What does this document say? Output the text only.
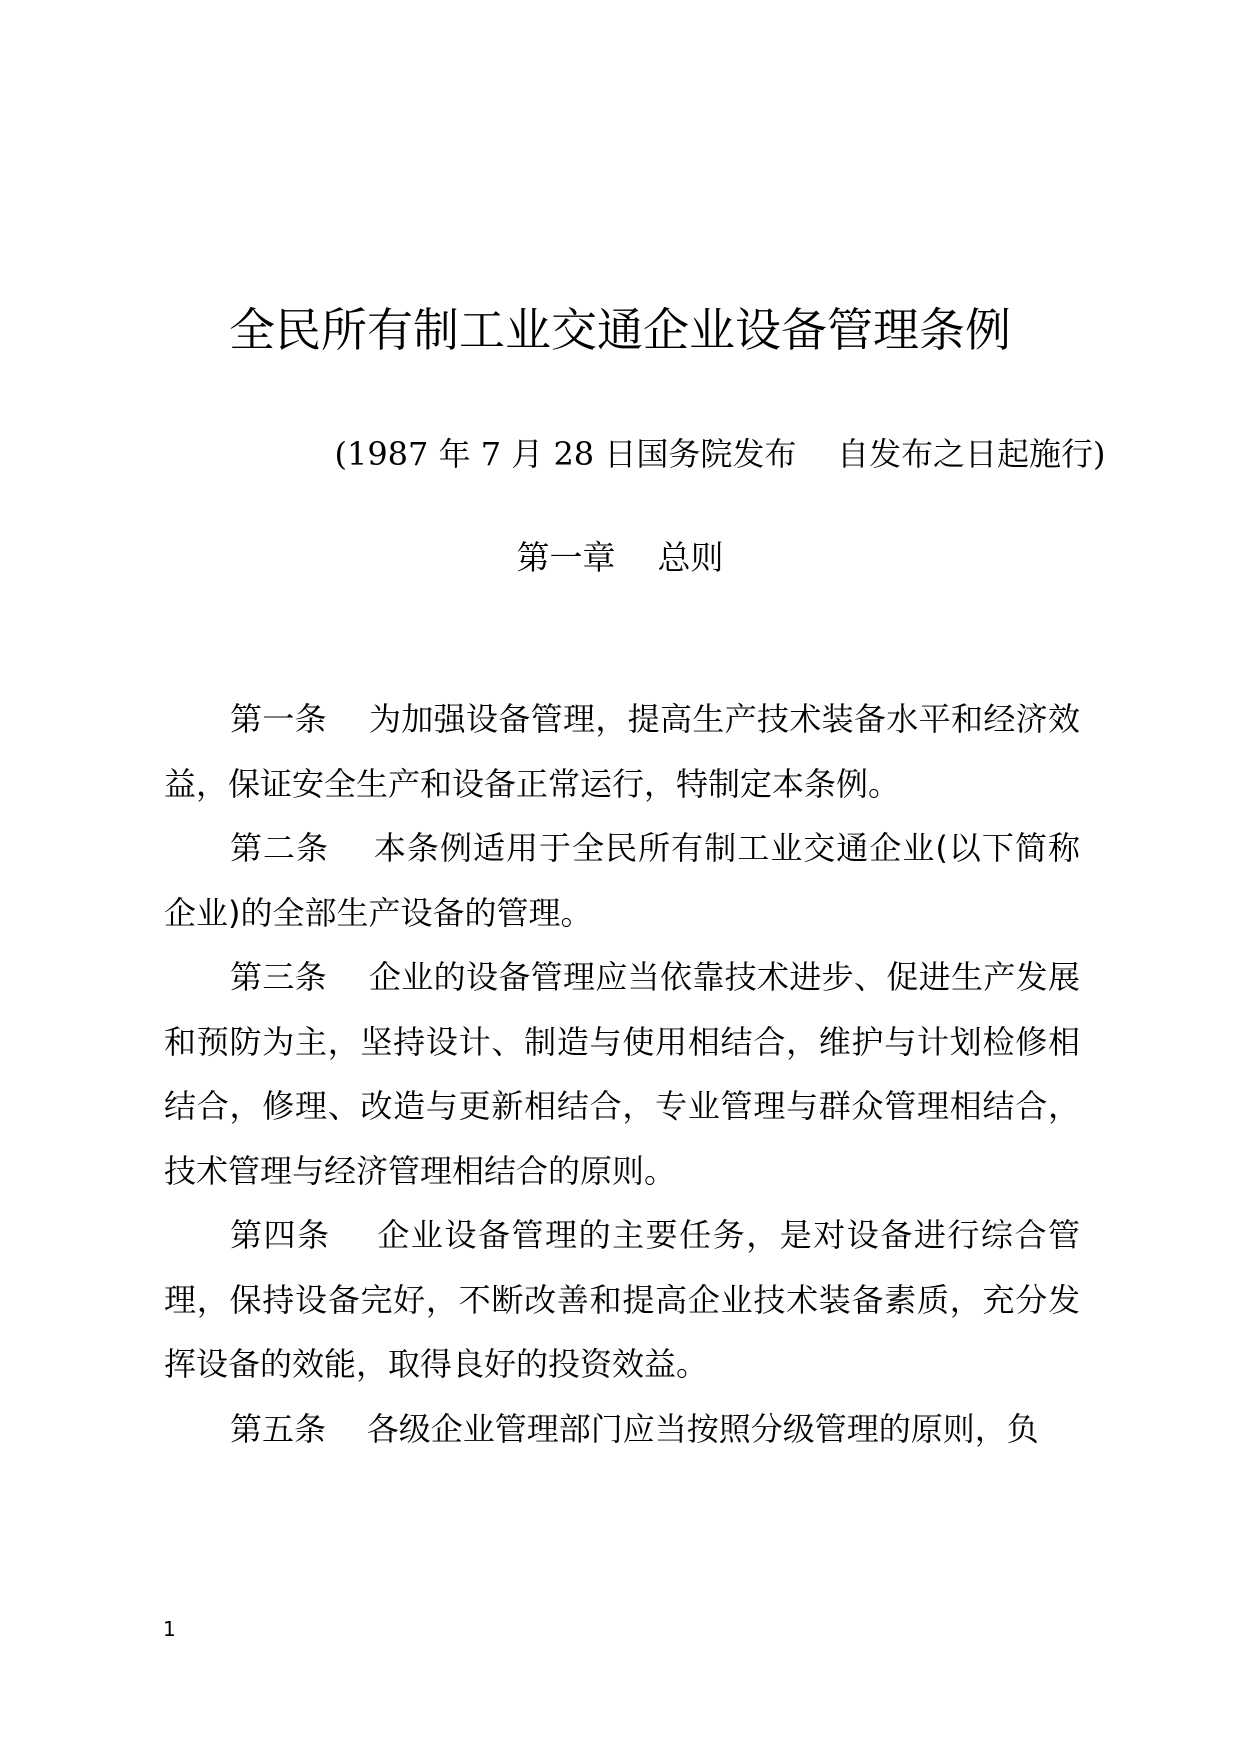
全民所有制工业交通企业设备管理条例
(1987 年 7 月 28 日国务院发布    自发布之日起施行)
第一章    总则

第一条 为加强设备管理，提高生产技术装备水平和经济效益，保证安全生产和设备正常运行，特制定本条例。

第二条 本条例适用于全民所有制工业交通企业(以下简称企业)的全部生产设备的管理。

第三条 企业的设备管理应当依靠技术进步、促进生产发展和预防为主，坚持设计、制造与使用相结合，维护与计划检修相结合，修理、改造与更新相结合，专业管理与群众管理相结合，技术管理与经济管理相结合的原则。

第四条 企业设备管理的主要任务，是对设备进行综合管理，保持设备完好，不断改善和提高企业技术装备素质，充分发挥设备的效能，取得良好的投资效益。

第五条 各级企业管理部门应当按照分级管理的原则，负

1
